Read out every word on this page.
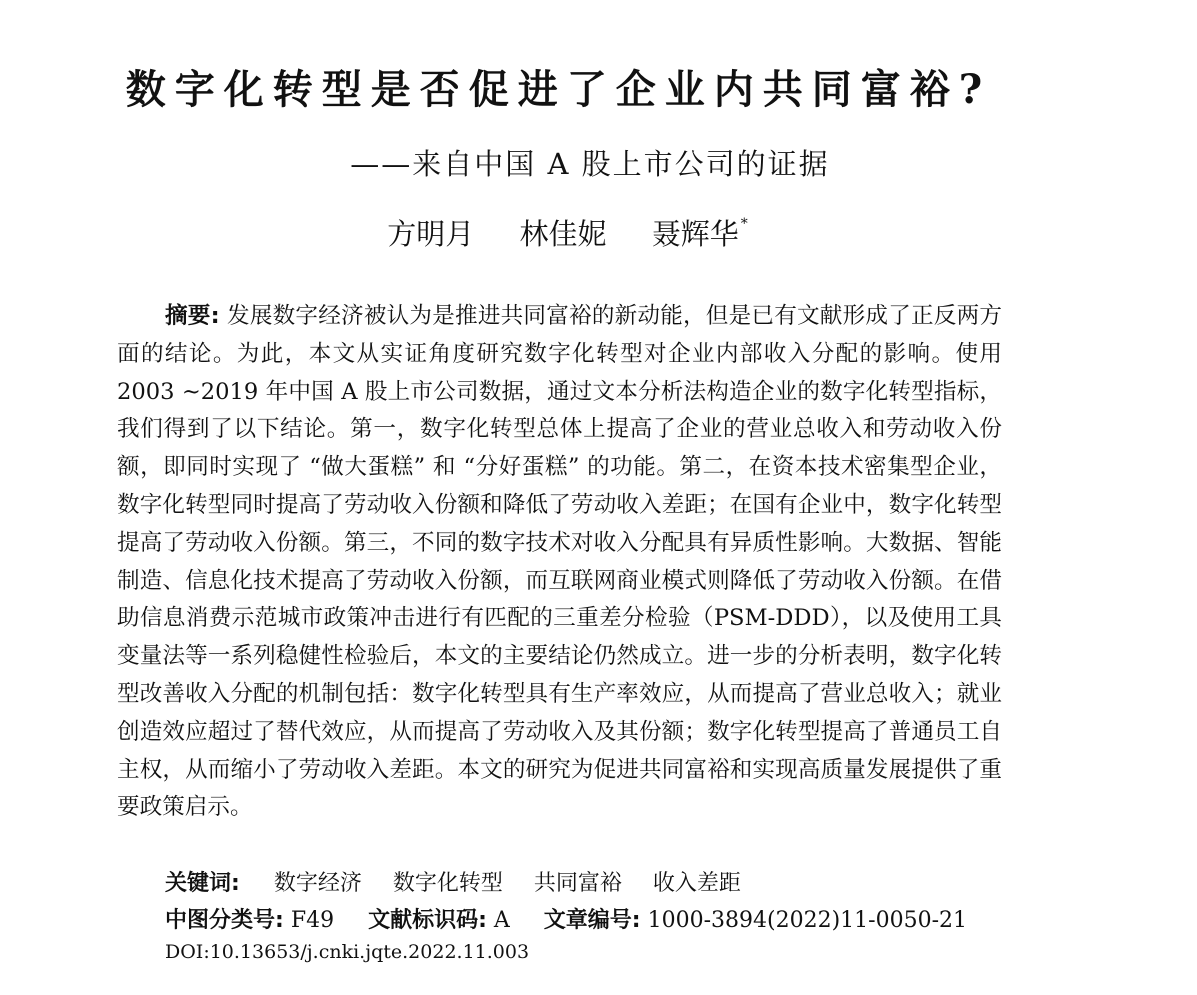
数字化转型是否促进了企业内共同富裕?
——来自中国 A 股上市公司的证据
方明月 林佳妮 聂辉华 *

摘要: 发展数字经济被认为是推进共同富裕的新动能，但是已有文献形成了正反两方面的结论。为此，本文从实证角度研究数字化转型对企业内部收入分配的影响。使用 2003 ~2019 年中国 A 股上市公司数据，通过文本分析法构造企业的数字化转型指标，我们得到了以下结论。第一，数字化转型总体上提高了企业的营业总收入和劳动收入份额，即同时实现了 “做大蛋糕” 和 “分好蛋糕” 的功能。第二，在资本技术密集型企业，数字化转型同时提高了劳动收入份额和降低了劳动收入差距；在国有企业中，数字化转型提高了劳动收入份额。第三，不同的数字技术对收入分配具有异质性影响。大数据、智能制造、信息化技术提高了劳动收入份额，而互联网商业模式则降低了劳动收入份额。在借助信息消费示范城市政策冲击进行有匹配的三重差分检验（PSM-DDD），以及使用工具变量法等一系列稳健性检验后，本文的主要结论仍然成立。进一步的分析表明，数字化转型改善收入分配的机制包括：数字化转型具有生产率效应，从而提高了营业总收入；就业创造效应超过了替代效应，从而提高了劳动收入及其份额；数字化转型提高了普通员工自主权，从而缩小了劳动收入差距。本文的研究为促进共同富裕和实现高质量发展提供了重要政策启示。

关键词: 数字经济 数字化转型 共同富裕 收入差距
中图分类号: F49 文献标识码: A 文章编号: 1000-3894(2022)11-0050-21
DOI:10.13653/j.cnki.jqte.2022.11.003
